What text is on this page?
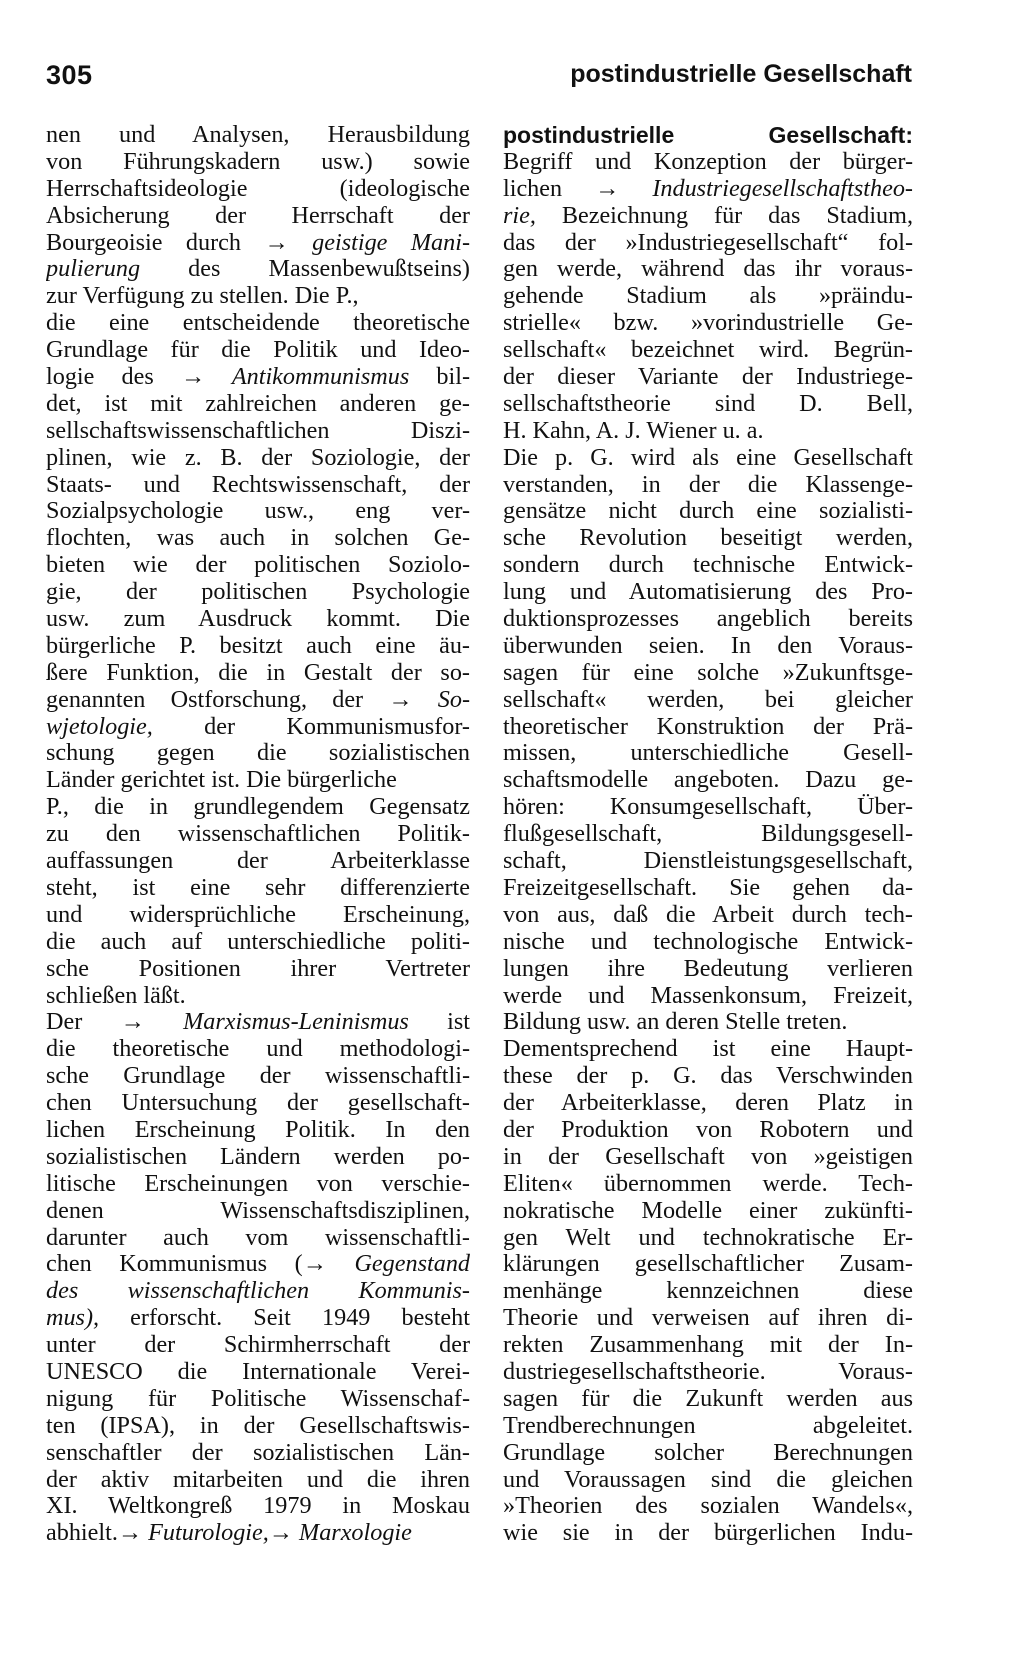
305	postindustrielle Gesellschaft
nen und Analysen, Herausbildung
von Führungskadern usw.) sowie
Herrschaftsideologie (ideologische
Absicherung der Herrschaft der
Bourgeoisie durch → geistige Mani-
pulierung des Massenbewußtseins)
zur Verfügung zu stellen. Die P.,
die eine entscheidende theoretische
Grundlage für die Politik und Ideo-
logie des → Antikommunismus bil-
det, ist mit zahlreichen anderen ge-
sellschaftswissenschaftlichen Diszi-
plinen, wie z. B. der Soziologie, der
Staats- und Rechtswissenschaft, der
Sozialpsychologie usw., eng ver-
flochten, was auch in solchen Ge-
bieten wie der politischen Soziolo-
gie, der politischen Psychologie
usw. zum Ausdruck kommt. Die
bürgerliche P. besitzt auch eine äu-
ßere Funktion, die in Gestalt der so-
genannten Ostforschung, der → So-
wjetologie, der Kommunismusfor-
schung gegen die sozialistischen
Länder gerichtet ist. Die bürgerliche
P., die in grundlegendem Gegensatz
zu den wissenschaftlichen Politik-
auffassungen der Arbeiterklasse
steht, ist eine sehr differenzierte
und widersprüchliche Erscheinung,
die auch auf unterschiedliche politi-
sche Positionen ihrer Vertreter
schließen läßt.
Der → Marxismus-Leninismus ist
die theoretische und methodologi-
sche Grundlage der wissenschaftli-
chen Untersuchung der gesellschaft-
lichen Erscheinung Politik. In den
sozialistischen Ländern werden po-
litische Erscheinungen von verschie-
denen Wissenschaftsdisziplinen,
darunter auch vom wissenschaftli-
chen Kommunismus (→ Gegenstand
des wissenschaftlichen Kommunis-
mus), erforscht. Seit 1949 besteht
unter der Schirmherrschaft der
UNESCO die Internationale Verei-
nigung für Politische Wissenschaf-
ten (IPSA), in der Gesellschaftswis-
senschaftler der sozialistischen Län-
der aktiv mitarbeiten und die ihren
XI. Weltkongreß 1979 in Moskau
abhielt.→ Futurologie,→ Marxologie
postindustrielle Gesellschaft:
Begriff und Konzeption der bürger-
lichen → Industriegesellschaftstheo-
rie, Bezeichnung für das Stadium,
das der »Industriegesellschaft“ fol-
gen werde, während das ihr voraus-
gehende Stadium als »präindu-
strielle« bzw. »vorindustrielle Ge-
sellschaft« bezeichnet wird. Begrün-
der dieser Variante der Industriege-
sellschaftstheorie sind D. Bell,
H. Kahn, A. J. Wiener u. a.
Die p. G. wird als eine Gesellschaft
verstanden, in der die Klassenge-
gensätze nicht durch eine sozialisti-
sche Revolution beseitigt werden,
sondern durch technische Entwick-
lung und Automatisierung des Pro-
duktionsprozesses angeblich bereits
überwunden seien. In den Voraus-
sagen für eine solche »Zukunftsge-
sellschaft« werden, bei gleicher
theoretischer Konstruktion der Prä-
missen, unterschiedliche Gesell-
schaftsmodelle angeboten. Dazu ge-
hören: Konsumgesellschaft, Über-
flußgesellschaft, Bildungsgesell-
schaft, Dienstleistungsgesellschaft,
Freizeitgesellschaft. Sie gehen da-
von aus, daß die Arbeit durch tech-
nische und technologische Entwick-
lungen ihre Bedeutung verlieren
werde und Massenkonsum, Freizeit,
Bildung usw. an deren Stelle treten.
Dementsprechend ist eine Haupt-
these der p. G. das Verschwinden
der Arbeiterklasse, deren Platz in
der Produktion von Robotern und
in der Gesellschaft von »geistigen
Eliten« übernommen werde. Tech-
nokratische Modelle einer zukünfti-
gen Welt und technokratische Er-
klärungen gesellschaftlicher Zusam-
menhänge kennzeichnen diese
Theorie und verweisen auf ihren di-
rekten Zusammenhang mit der In-
dustriegesellschaftstheorie. Voraus-
sagen für die Zukunft werden aus
Trendberechnungen abgeleitet.
Grundlage solcher Berechnungen
und Voraussagen sind die gleichen
»Theorien des sozialen Wandels«,
wie sie in der bürgerlichen Indu-
